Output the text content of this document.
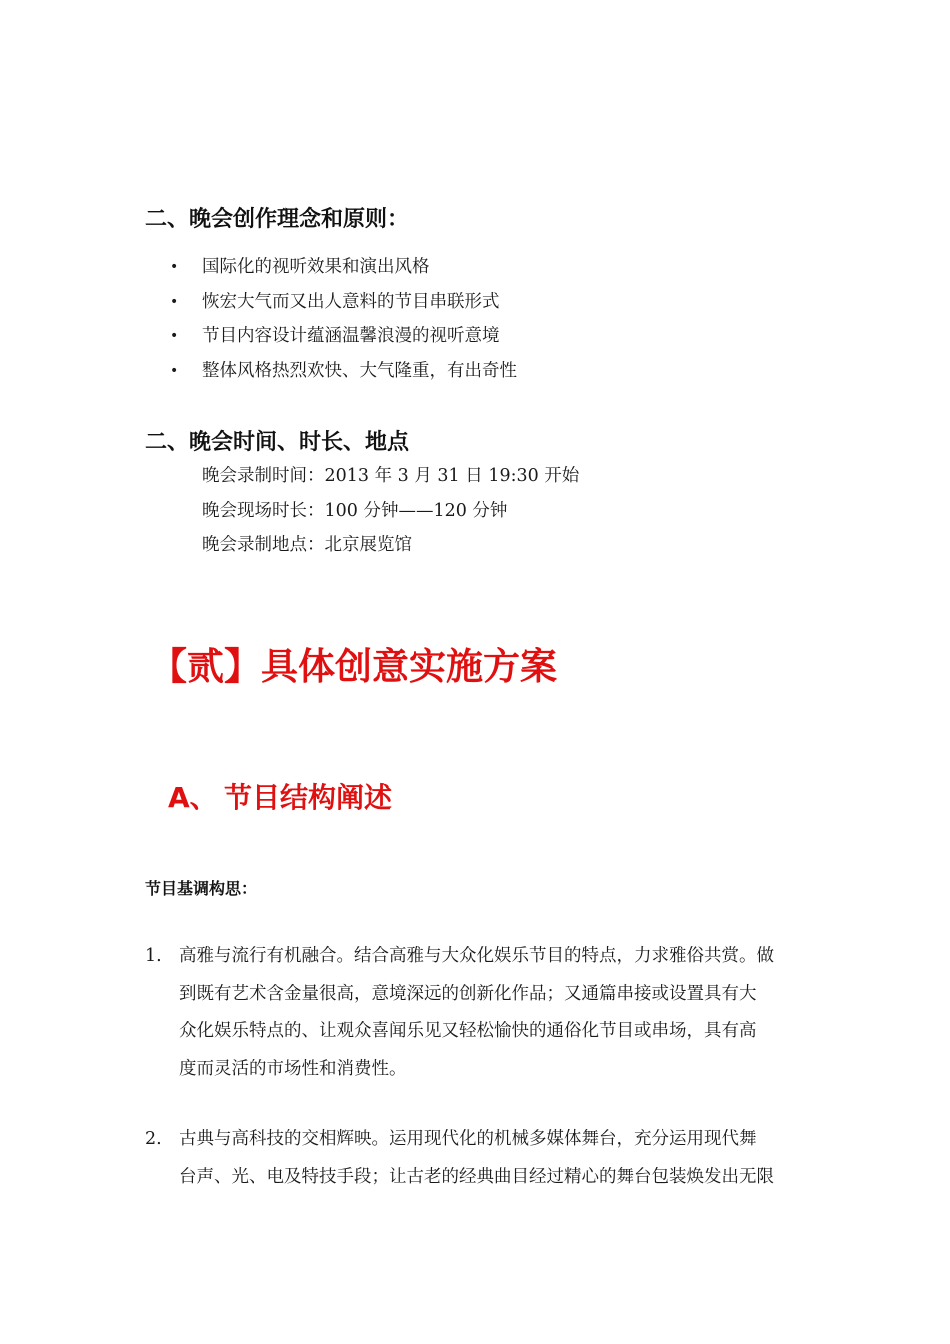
二、晚会创作理念和原则：
• 国际化的视听效果和演出风格
• 恢宏大气而又出人意料的节目串联形式
• 节目内容设计蕴涵温馨浪漫的视听意境
• 整体风格热烈欢快、大气隆重，有出奇性
二、晚会时间、时长、地点
晚会录制时间：2013 年 3 月 31 日 19:30 开始
晚会现场时长：100 分钟——120 分钟
晚会录制地点：北京展览馆
【贰】具体创意实施方案
A、 节目结构阐述
节目基调构思：
1. 高雅与流行有机融合。结合高雅与大众化娱乐节目的特点，力求雅俗共赏。做
到既有艺术含金量很高，意境深远的创新化作品；又通篇串接或设置具有大
众化娱乐特点的、让观众喜闻乐见又轻松愉快的通俗化节目或串场，具有高
度而灵活的市场性和消费性。
2. 古典与高科技的交相辉映。运用现代化的机械多媒体舞台，充分运用现代舞
台声、光、电及特技手段；让古老的经典曲目经过精心的舞台包装焕发出无限
